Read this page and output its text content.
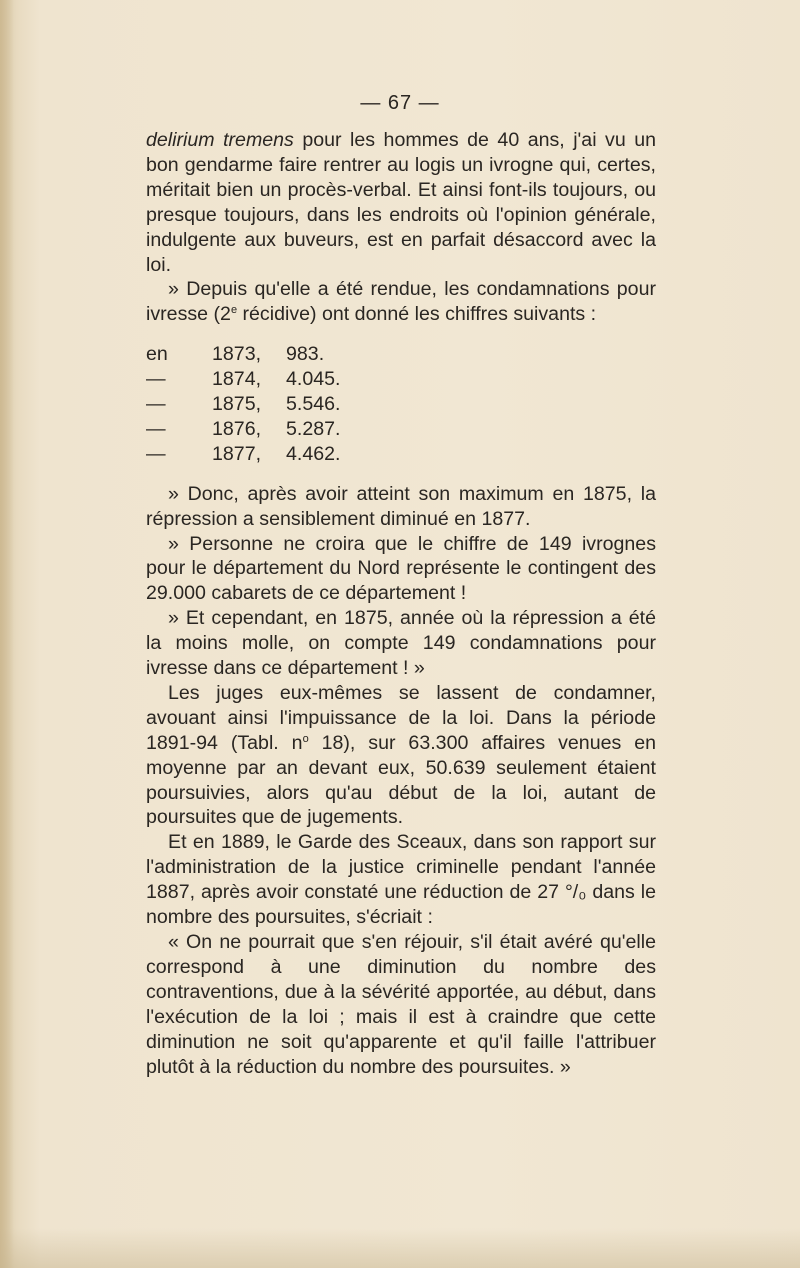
— 67 —

delirium tremens pour les hommes de 40 ans, j'ai vu un bon gendarme faire rentrer au logis un ivrogne qui, certes, méritait bien un procès-verbal. Et ainsi font-ils toujours, ou presque toujours, dans les endroits où l'opinion générale, indulgente aux buveurs, est en parfait désaccord avec la loi.

» Depuis qu'elle a été rendue, les condamnations pour ivresse (2e récidive) ont donné les chiffres suivants :

en	1873,	983.
—	1874,	4.045.
—	1875,	5.546.
—	1876,	5.287.
—	1877,	4.462.

» Donc, après avoir atteint son maximum en 1875, la répression a sensiblement diminué en 1877.

» Personne ne croira que le chiffre de 149 ivrognes pour le département du Nord représente le contingent des 29.000 cabarets de ce département !

» Et cependant, en 1875, année où la répression a été la moins molle, on compte 149 condamnations pour ivresse dans ce département ! »

Les juges eux-mêmes se lassent de condamner, avouant ainsi l'impuissance de la loi. Dans la période 1891-94 (Tabl. $n^o$ 18), sur 63.300 affaires venues en moyenne par an devant eux, 50.639 seulement étaient poursuivies, alors qu'au début de la loi, autant de poursuites que de jugements.

Et en 1889, le Garde des Sceaux, dans son rapport sur l'administration de la justice criminelle pendant l'année 1887, après avoir constaté une réduction de 27 °/₀ dans le nombre des poursuites, s'écriait :

« On ne pourrait que s'en réjouir, s'il était avéré qu'elle correspond à une diminution du nombre des contraventions, due à la sévérité apportée, au début, dans l'exécution de la loi ; mais il est à craindre que cette diminution ne soit qu'apparente et qu'il faille l'attribuer plutôt à la réduction du nombre des poursuites. »
